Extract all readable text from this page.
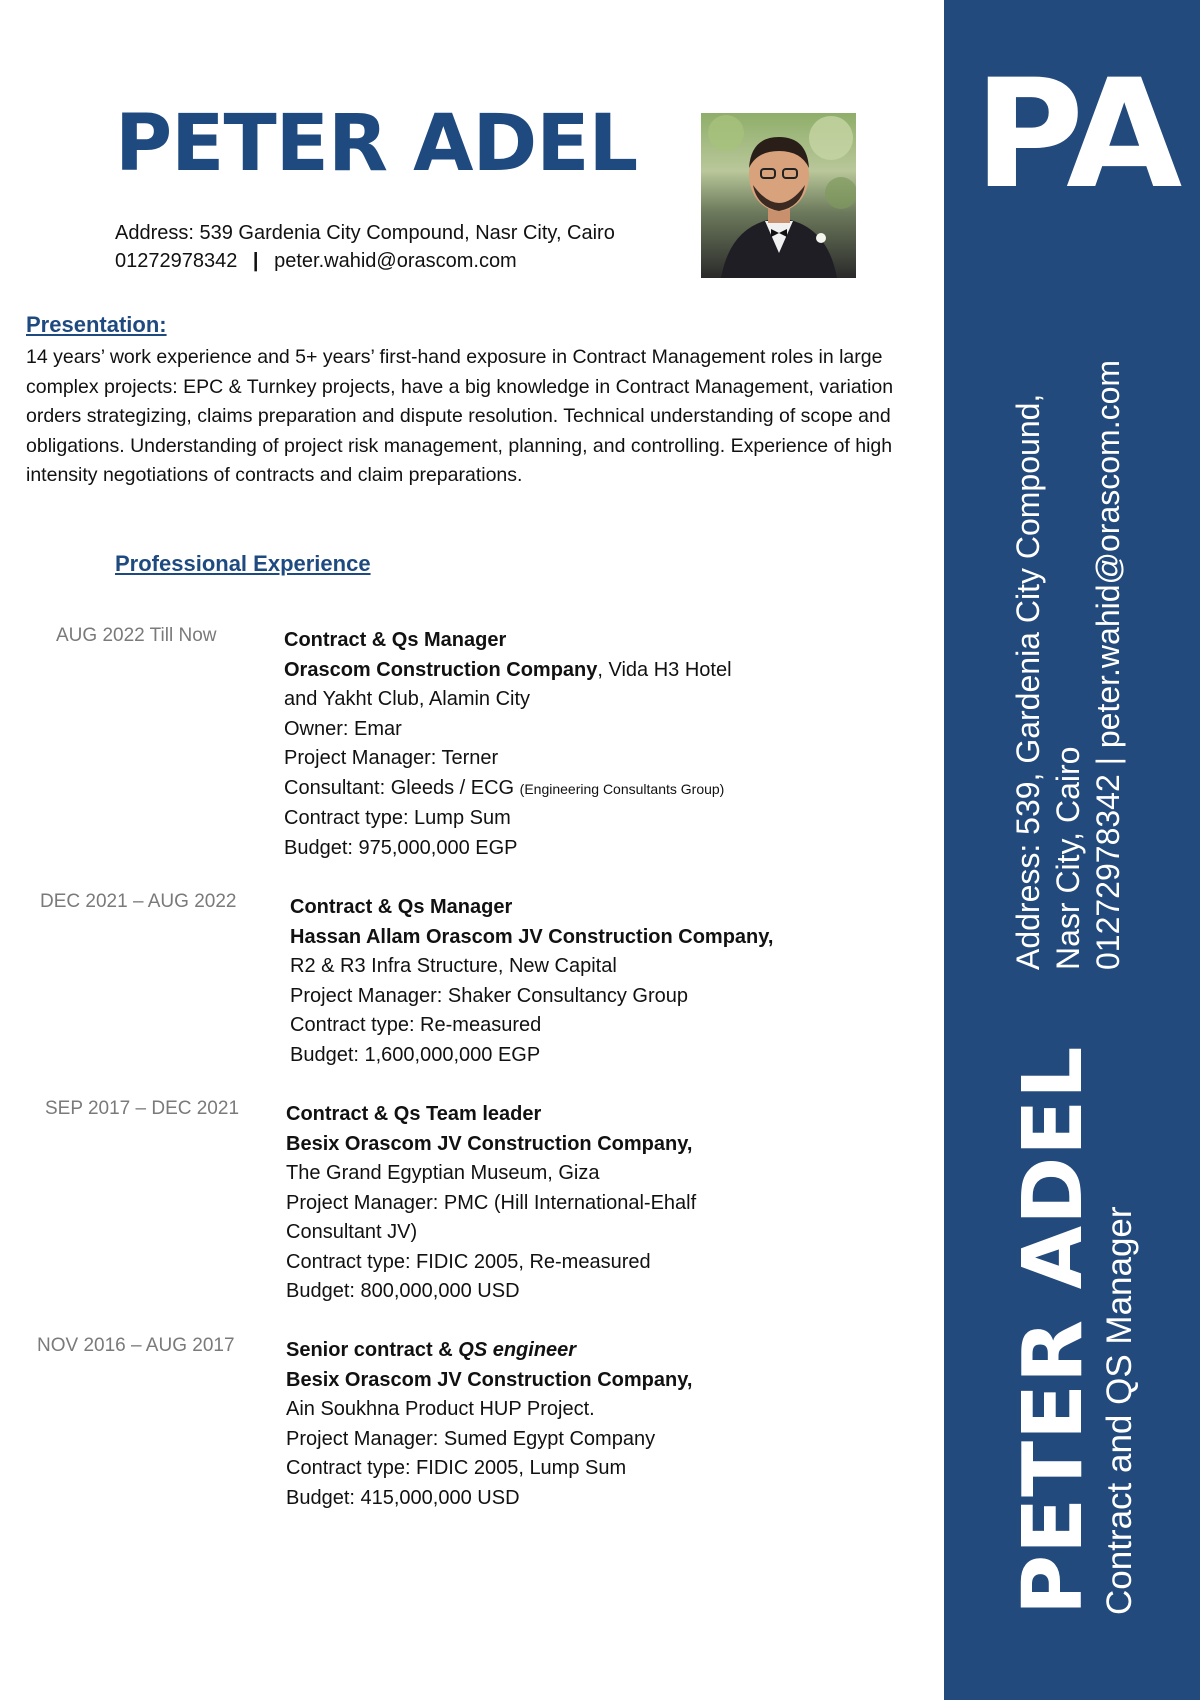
PA
Address: 539, Gardenia City Compound, Nasr City, Cairo 01272978342 | peter.wahid@orascom.com
PETER ADEL Contract and QS Manager
PETER ADEL
Address: 539 Gardenia City Compound, Nasr City, Cairo
01272978342 | peter.wahid@orascom.com
Presentation:

14 years’ work experience and 5+ years’ first-hand exposure in Contract Management roles in large complex projects: EPC & Turnkey projects, have a big knowledge in Contract Management, variation orders strategizing, claims preparation and dispute resolution. Technical understanding of scope and obligations. Understanding of project risk management, planning, and controlling. Experience of high intensity negotiations of contracts and claim preparations.

Professional Experience
AUG 2022 Till Now	Contract & Qs Manager
Orascom Construction Company, Vida H3 Hotel
and Yakht Club, Alamin City
Owner: Emar
Project Manager: Terner
Consultant: Gleeds / ECG (Engineering Consultants Group)
Contract type: Lump Sum
Budget: 975,000,000 EGP
DEC 2021 – AUG 2022	Contract & Qs Manager
Hassan Allam Orascom JV Construction Company,
R2 & R3 Infra Structure, New Capital
Project Manager: Shaker Consultancy Group
Contract type: Re-measured
Budget: 1,600,000,000 EGP
SEP 2017 – DEC 2021 Contract & Qs Team leader
Besix Orascom JV Construction Company,
The Grand Egyptian Museum, Giza
Project Manager: PMC (Hill International-Ehalf
Consultant JV)
Contract type: FIDIC 2005, Re-measured
Budget: 800,000,000 USD
NOV 2016 – AUG 2017	Senior contract & QS engineer
Besix Orascom JV Construction Company,
Ain Soukhna Product HUP Project.
Project Manager: Sumed Egypt Company
Contract type: FIDIC 2005, Lump Sum
Budget: 415,000,000 USD
